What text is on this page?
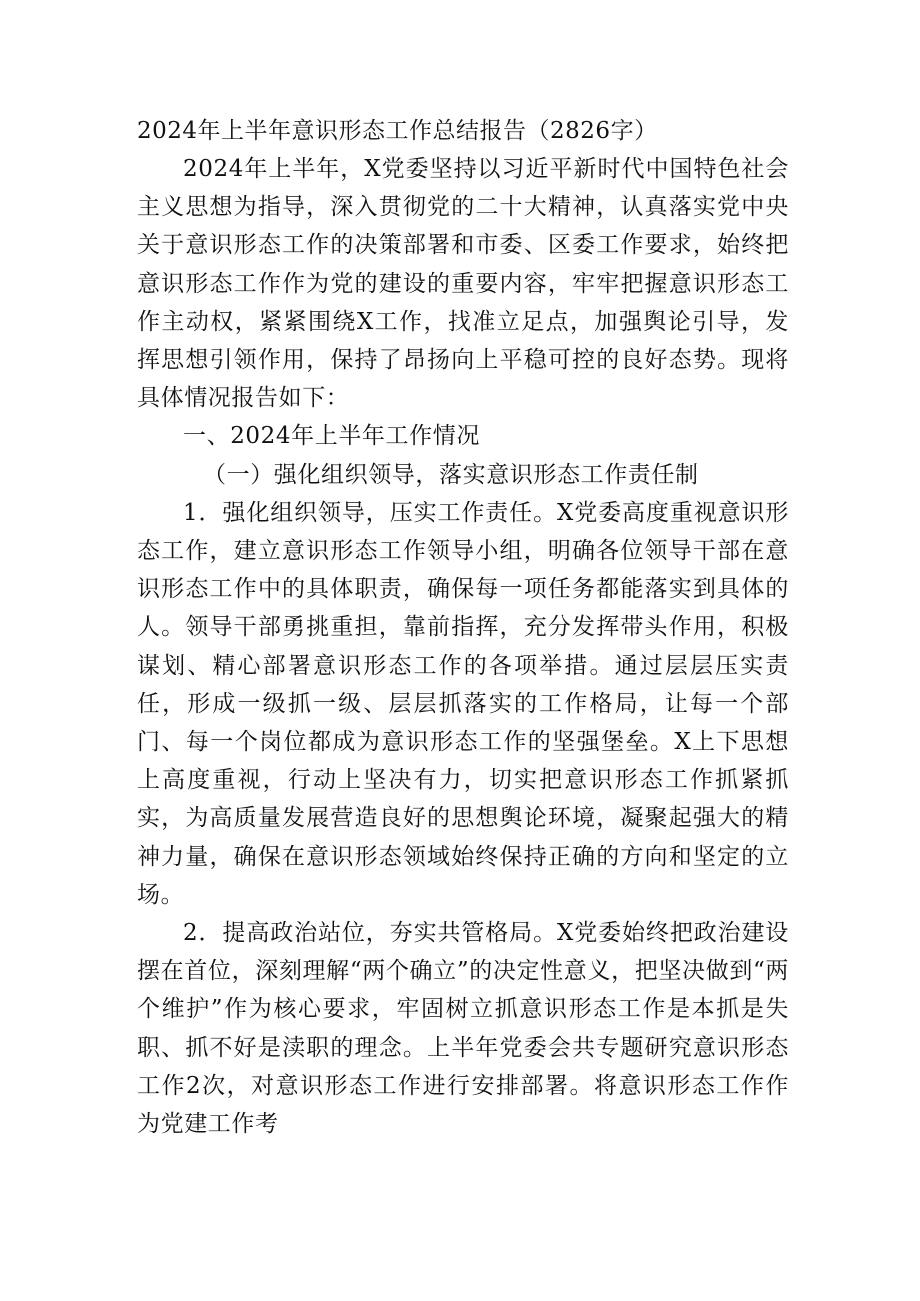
2024年上半年意识形态工作总结报告（2826字）

2024年上半年，X党委坚持以习近平新时代中国特色社会主义思想为指导，深入贯彻党的二十大精神，认真落实党中央关于意识形态工作的决策部署和市委、区委工作要求，始终把意识形态工作作为党的建设的重要内容，牢牢把握意识形态工作主动权，紧紧围绕X工作，找准立足点，加强舆论引导，发挥思想引领作用，保持了昂扬向上平稳可控的良好态势。现将具体情况报告如下：

一、2024年上半年工作情况

（一）强化组织领导，落实意识形态工作责任制

1．强化组织领导，压实工作责任。X党委高度重视意识形态工作，建立意识形态工作领导小组，明确各位领导干部在意识形态工作中的具体职责，确保每一项任务都能落实到具体的人。领导干部勇挑重担，靠前指挥，充分发挥带头作用，积极谋划、精心部署意识形态工作的各项举措。通过层层压实责任，形成一级抓一级、层层抓落实的工作格局，让每一个部门、每一个岗位都成为意识形态工作的坚强堡垒。X上下思想上高度重视，行动上坚决有力，切实把意识形态工作抓紧抓实，为高质量发展营造良好的思想舆论环境，凝聚起强大的精神力量，确保在意识形态领域始终保持正确的方向和坚定的立场。

2．提高政治站位，夯实共管格局。X党委始终把政治建设摆在首位，深刻理解“两个确立”的决定性意义，把坚决做到“两个维护”作为核心要求，牢固树立抓意识形态工作是本抓是失职、抓不好是渎职的理念。上半年党委会共专题研究意识形态工作2次，对意识形态工作进行安排部署。将意识形态工作作为党建工作考
